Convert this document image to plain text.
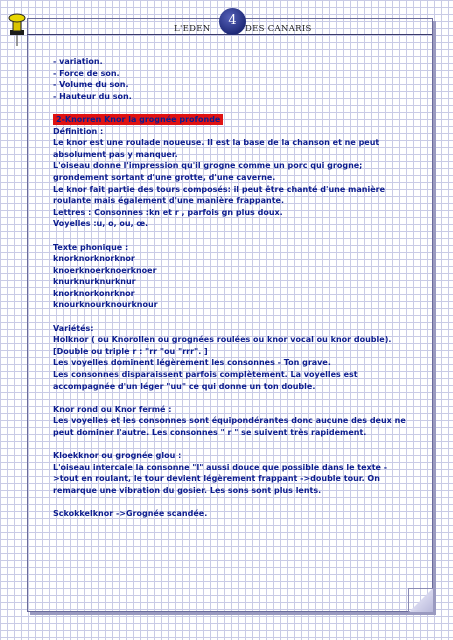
L'EDEN
4
DES CANARIS
- variation.
- Force de son.
- Volume du son.
- Hauteur du son.
2-Knorren Knor la grognée profonde
Définition :
Le knor est une roulade noueuse. Il est la base de la chanson et ne peut
absolument pas y manquer.
L'oiseau donne l'impression qu'il grogne comme un porc qui grogne;
grondement sortant d'une grotte, d'une caverne.
Le knor fait partie des tours composés: il peut être chanté d'une manière
roulante mais également d'une manière frappante.
Lettres : Consonnes :kn et r , parfois gn plus doux.
Voyelles :u, o, ou, œ.
Texte phonique :
knorknorknorknor
knoerknoerknoerknoer
knurknurknurknur
knorknorkonrknor
knourknourknourknour
Variétés:
Holknor ( ou Knorollen ou grognées roulées ou knor vocal ou knor double).
[Double ou triple r : "rr "ou "rrr". ]
Les voyelles dominent légèrement les consonnes - Ton grave.
Les consonnes disparaissent parfois complètement. La voyelles est
accompagnée d'un léger "uu" ce qui donne un ton double.
Knor rond ou Knor fermé :
Les voyelles et les consonnes sont équipondérantes donc aucune des deux ne
peut dominer l'autre. Les consonnes " r " se suivent très rapidement.
Kloekknor ou grognée glou :
L'oiseau intercale la consonne "l" aussi douce que possible dans le texte -
>tout en roulant, le tour devient légèrement frappant ->double tour. On
remarque une vibration du gosier. Les sons sont plus lents.
Sckokkelknor ->Grognée scandée.
